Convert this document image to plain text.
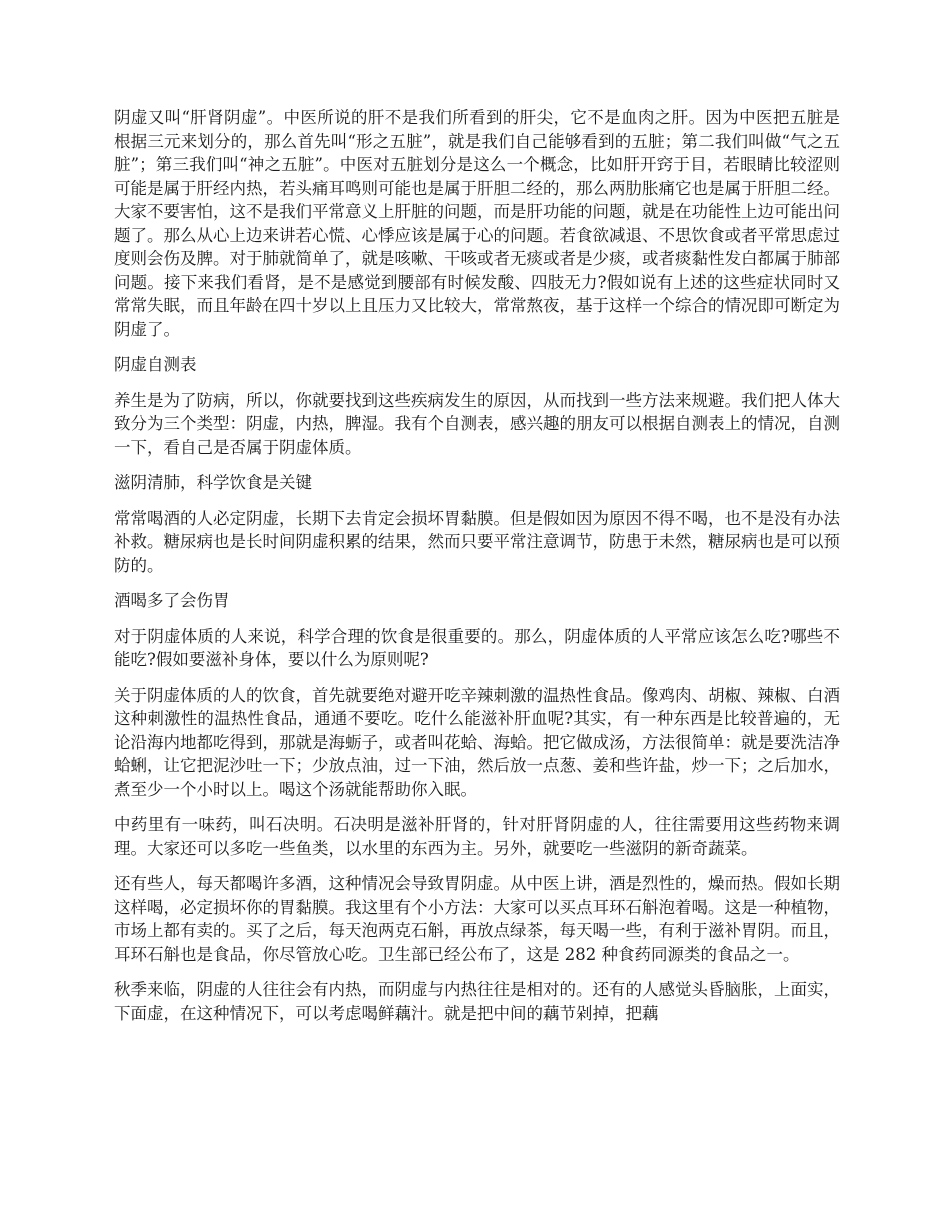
阴虚又叫“肝肾阴虚”。中医所说的肝不是我们所看到的肝尖，它不是血肉之肝。因为中医把五脏是根据三元来划分的，那么首先叫“形之五脏”，就是我们自己能够看到的五脏；第二我们叫做“气之五脏”；第三我们叫“神之五脏”。中医对五脏划分是这么一个概念，比如肝开窍于目，若眼睛比较涩则可能是属于肝经内热，若头痛耳鸣则可能也是属于肝胆二经的，那么两肋胀痛它也是属于肝胆二经。大家不要害怕，这不是我们平常意义上肝脏的问题，而是肝功能的问题，就是在功能性上边可能出问题了。那么从心上边来讲若心慌、心悸应该是属于心的问题。若食欲减退、不思饮食或者平常思虑过度则会伤及脾。对于肺就简单了，就是咳嗽、干咳或者无痰或者是少痰，或者痰黏性发白都属于肺部问题。接下来我们看肾，是不是感觉到腰部有时候发酸、四肢无力?假如说有上述的这些症状同时又常常失眠，而且年龄在四十岁以上且压力又比较大，常常熬夜，基于这样一个综合的情况即可断定为阴虚了。

阴虚自测表

养生是为了防病，所以，你就要找到这些疾病发生的原因，从而找到一些方法来规避。我们把人体大致分为三个类型：阴虚，内热，脾湿。我有个自测表，感兴趣的朋友可以根据自测表上的情况，自测一下，看自己是否属于阴虚体质。

滋阴清肺，科学饮食是关键

常常喝酒的人必定阴虚，长期下去肯定会损坏胃黏膜。但是假如因为原因不得不喝，也不是没有办法补救。糖尿病也是长时间阴虚积累的结果，然而只要平常注意调节，防患于未然，糖尿病也是可以预防的。

酒喝多了会伤胃

对于阴虚体质的人来说，科学合理的饮食是很重要的。那么，阴虚体质的人平常应该怎么吃?哪些不能吃?假如要滋补身体，要以什么为原则呢?

关于阴虚体质的人的饮食，首先就要绝对避开吃辛辣刺激的温热性食品。像鸡肉、胡椒、辣椒、白酒这种刺激性的温热性食品，通通不要吃。吃什么能滋补肝血呢?其实，有一种东西是比较普遍的，无论沿海内地都吃得到，那就是海蛎子，或者叫花蛤、海蛤。把它做成汤，方法很简单：就是要洗洁净蛤蜊，让它把泥沙吐一下；少放点油，过一下油，然后放一点葱、姜和些许盐，炒一下；之后加水，煮至少一个小时以上。喝这个汤就能帮助你入眠。

中药里有一味药，叫石决明。石决明是滋补肝肾的，针对肝肾阴虚的人，往往需要用这些药物来调理。大家还可以多吃一些鱼类，以水里的东西为主。另外，就要吃一些滋阴的新奇蔬菜。

还有些人，每天都喝许多酒，这种情况会导致胃阴虚。从中医上讲，酒是烈性的，燥而热。假如长期这样喝，必定损坏你的胃黏膜。我这里有个小方法：大家可以买点耳环石斛泡着喝。这是一种植物，市场上都有卖的。买了之后，每天泡两克石斛，再放点绿茶，每天喝一些，有利于滋补胃阴。而且，耳环石斛也是食品，你尽管放心吃。卫生部已经公布了，这是 282 种食药同源类的食品之一。

秋季来临，阴虚的人往往会有内热，而阴虚与内热往往是相对的。还有的人感觉头昏脑胀，上面实，下面虚，在这种情况下，可以考虑喝鲜藕汁。就是把中间的藕节剁掉，把藕
